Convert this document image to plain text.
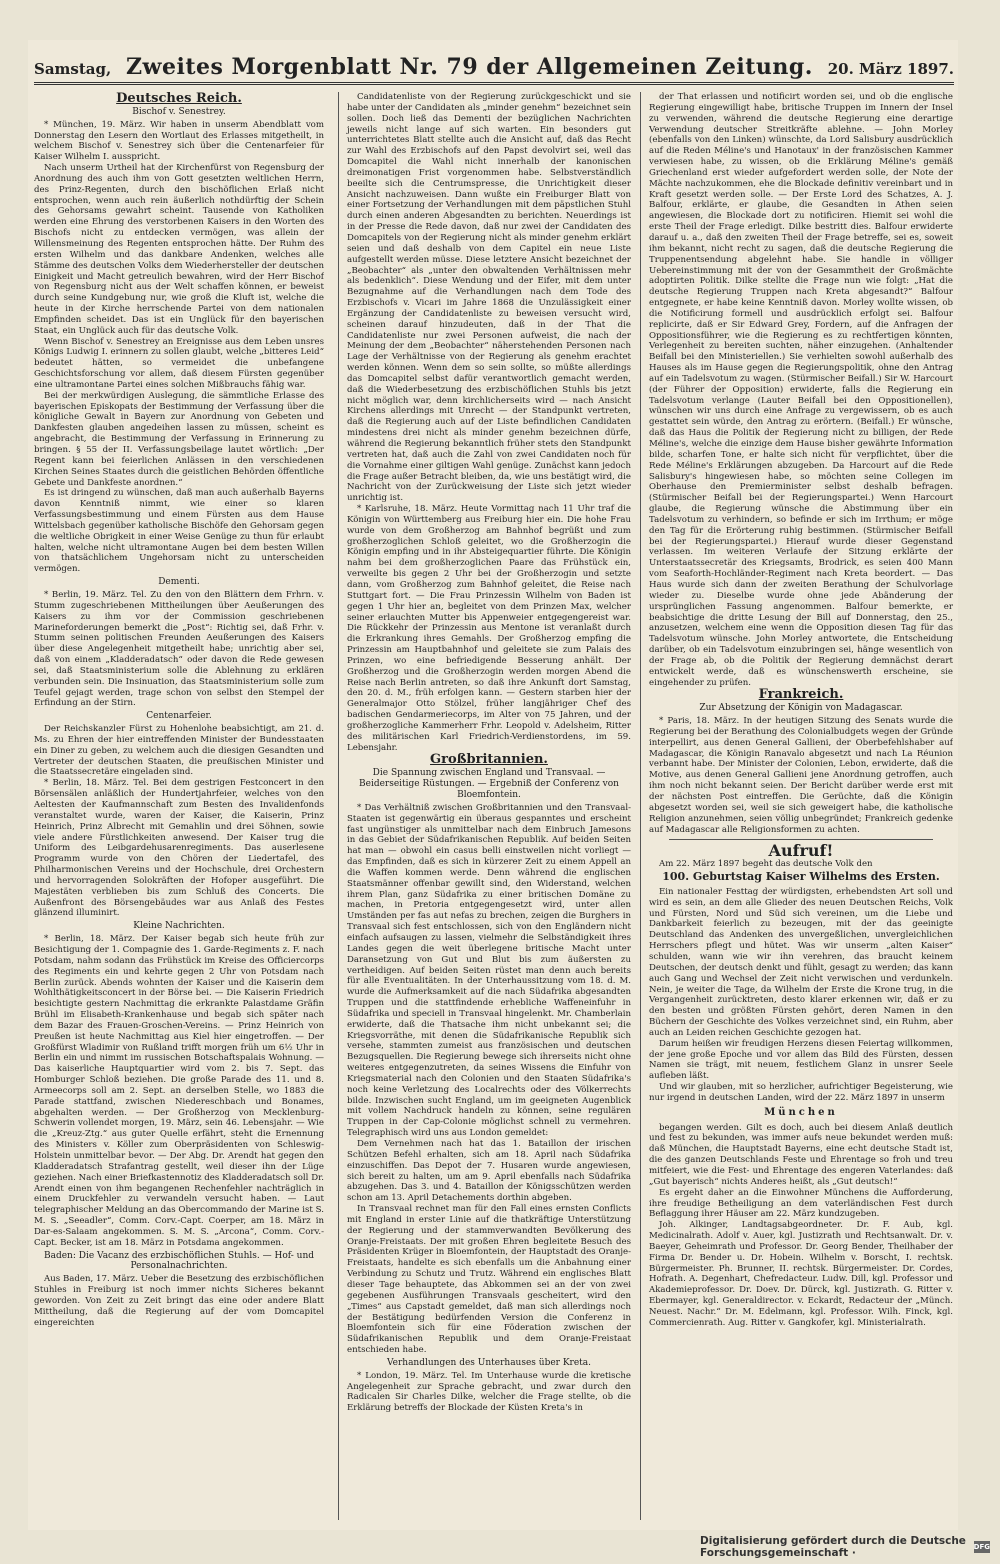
Samstag, Zweites Morgenblatt Nr. 79 der Allgemeinen Zeitung. 20. März 1897.
Deutsches Reich.
Bischof v. Senestrey.

* München, 19. März. Wir haben in unserm Abendblatt vom Donnerstag den Lesern den Wortlaut des Erlasses mitgetheilt, in welchem Bischof v. Senestrey sich über die Centenarfeier für Kaiser Wilhelm I. ausspricht.

Nach unserm Urtheil hat der Kirchenfürst von Regensburg der Anordnung des auch ihm von Gott gesetzten weltlichen Herrn, des Prinz-Regenten, durch den bischöflichen Erlaß nicht entsprochen, wenn auch rein äußerlich nothdürftig der Schein des Gehorsams gewahrt scheint. Tausende von Katholiken werden eine Ehrung des verstorbenen Kaisers in den Worten des Bischofs nicht zu entdecken vermögen, was allein der Willensmeinung des Regenten entsprochen hätte. Der Ruhm des ersten Wilhelm und das dankbare Andenken, welches alle Stämme des deutschen Volks dem Wiederhersteller der deutschen Einigkeit und Macht getreulich bewahren, wird der Herr Bischof von Regensburg nicht aus der Welt schaffen können, er beweist durch seine Kundgebung nur, wie groß die Kluft ist, welche die heute in der Kirche herrschende Partei von dem nationalen Empfinden scheidet. Das ist ein Unglück für den bayerischen Staat, ein Unglück auch für das deutsche Volk.

Wenn Bischof v. Senestrey an Ereignisse aus dem Leben unsres Königs Ludwig I. erinnern zu sollen glaubt, welche „bitteres Leid“ bedeutet hätten, so vermeidet die unbefangene Geschichtsforschung vor allem, daß diesem Fürsten gegenüber eine ultramontane Partei eines solchen Mißbrauchs fähig war.

Bei der merkwürdigen Auslegung, die sämmtliche Erlasse des bayerischen Episkopats der Bestimmung der Verfassung über die königliche Gewalt in Bayern zur Anordnung von Gebeten und Dankfesten glauben angedeihen lassen zu müssen, scheint es angebracht, die Bestimmung der Verfassung in Erinnerung zu bringen. § 55 der II. Verfassungsbeilage lautet wörtlich: „Der Regent kann bei feierlichen Anlässen in den verschiedenen Kirchen Seines Staates durch die geistlichen Behörden öffentliche Gebete und Dankfeste anordnen.“

Es ist dringend zu wünschen, daß man auch außerhalb Bayerns davon Kenntniß nimmt, wie einer so klaren Verfassungsbestimmung und einem Fürsten aus dem Hause Wittelsbach gegenüber katholische Bischöfe den Gehorsam gegen die weltliche Obrigkeit in einer Weise Genüge zu thun für erlaubt halten, welche nicht ultramontane Augen bei dem besten Willen von thatsächlichem Ungehorsam nicht zu unterscheiden vermögen.

Dementi.

* Berlin, 19. März. Tel. Zu den von den Blättern dem Frhrn. v. Stumm zugeschriebenen Mittheilungen über Aeußerungen des Kaisers zu ihm vor der Commission geschriebenen Marineforderungen bemerkt die „Post“: Richtig sei, daß Frhr. v. Stumm seinen politischen Freunden Aeußerungen des Kaisers über diese Angelegenheit mitgetheilt habe; unrichtig aber sei, daß von einem „Kladderadatsch“ oder davon die Rede gewesen sei, daß Staatsministerium solle die Ablehnung zu erklären verbunden sein. Die Insinuation, das Staatsministerium solle zum Teufel gejagt werden, trage schon von selbst den Stempel der Erfindung an der Stirn.

Centenarfeier.

Der Reichskanzler Fürst zu Hohenlohe beabsichtigt, am 21. d. Ms. zu Ehren der hier eintreffenden Minister der Bundesstaaten ein Diner zu geben, zu welchem auch die diesigen Gesandten und Vertreter der deutschen Staaten, die preußischen Minister und die Staatssecretäre eingeladen sind.

* Berlin, 18. März. Tel. Bei dem gestrigen Festconcert in den Börsensälen anläßlich der Hundertjahrfeier, welches von den Aeltesten der Kaufmannschaft zum Besten des Invalidenfonds veranstaltet wurde, waren der Kaiser, die Kaiserin, Prinz Heinrich, Prinz Albrecht mit Gemahlin und drei Söhnen, sowie viele andere Fürstlichkeiten anwesend. Der Kaiser trug die Uniform des Leibgardehusarenregiments. Das auserlesene Programm wurde von den Chören der Liedertafel, des Philharmonischen Vereins und der Hochschule, drei Orchestern und hervorragenden Solokräften der Hofoper ausgeführt. Die Majestäten verblieben bis zum Schluß des Concerts. Die Außenfront des Börsengebäudes war aus Anlaß des Festes glänzend illuminirt.

Kleine Nachrichten.

* Berlin, 18. März. Der Kaiser begab sich heute früh zur Besichtigung der 1. Compagnie des 1. Garde-Regiments z. F. nach Potsdam, nahm sodann das Frühstück im Kreise des Officiercorps des Regiments ein und kehrte gegen 2 Uhr von Potsdam nach Berlin zurück. Abends wohnten der Kaiser und die Kaiserin dem Wohlthätigkeitsconcert in der Börse bei. — Die Kaiserin Friedrich besichtigte gestern Nachmittag die erkrankte Palastdame Gräfin Brühl im Elisabeth-Krankenhause und begab sich später nach dem Bazar des Frauen-Groschen-Vereins. — Prinz Heinrich von Preußen ist heute Nachmittag aus Kiel hier eingetroffen. — Der Großfürst Wladimir von Rußland trifft morgen früh um 6½ Uhr in Berlin ein und nimmt im russischen Botschaftspalais Wohnung. — Das kaiserliche Hauptquartier wird vom 2. bis 7. Sept. das Homburger Schloß beziehen. Die große Parade des 11. und 8. Armeecorps soll am 2. Sept. an derselben Stelle, wo 1883 die Parade stattfand, zwischen Niedereschbach und Bonames, abgehalten werden. — Der Großherzog von Mecklenburg-Schwerin vollendet morgen, 19. März, sein 46. Lebensjahr. — Wie die „Kreuz-Ztg.“ aus guter Quelle erfährt, steht die Ernennung des Ministers v. Köller zum Oberpräsidenten von Schleswig-Holstein unmittelbar bevor. — Der Abg. Dr. Arendt hat gegen den Kladderadatsch Strafantrag gestellt, weil dieser ihn der Lüge geziehen. Nach einer Briefkastennotiz des Kladderadatsch soll Dr. Arendt einen von ihm begangenen Rechenfehler nachträglich in einem Druckfehler zu verwandeln versucht haben. — Laut telegraphischer Meldung an das Obercommando der Marine ist S. M. S. „Seeadler“, Comm. Corv.-Capt. Coerper, am 18. März in Dar-es-Salaam angekommen. S. M. S. „Arcona“, Comm. Corv.-Capt. Becker, ist am 18. März in Potsdama angekommen.

Baden: Die Vacanz des erzbischöflichen Stuhls. — Hof- und Personalnachrichten.

Aus Baden, 17. März. Ueber die Besetzung des erzbischöflichen Stuhles in Freiburg ist noch immer nichts Sicheres bekannt geworden. Von Zeit zu Zeit bringt das eine oder andere Blatt Mittheilung, daß die Regierung auf der vom Domcapitel eingereichten

Candidatenliste von der Regierung zurückgeschickt und sie habe unter der Candidaten als „minder genehm“ bezeichnet sein sollen. Doch ließ das Dementi der bezüglichen Nachrichten jeweils nicht lange auf sich warten. Ein besonders gut unterrichtetes Blatt stellte auch die Ansicht auf, daß das Recht zur Wahl des Erzbischofs auf den Papst devolvirt sei, weil das Domcapitel die Wahl nicht innerhalb der kanonischen dreimonatigen Frist vorgenommen habe. Selbstverständlich beeilte sich die Centrumspresse, die Unrichtigkeit dieser Ansicht nachzuweisen. Dann wußte ein Freiburger Blatt von einer Fortsetzung der Verhandlungen mit dem päpstlichen Stuhl durch einen anderen Abgesandten zu berichten. Neuerdings ist in der Presse die Rede davon, daß nur zwei der Candidaten des Domcapitels von der Regierung nicht als minder genehm erklärt seien und daß deshalb von dem Capitel ein neue Liste aufgestellt werden müsse. Diese letztere Ansicht bezeichnet der „Beobachter“ als „unter den obwaltenden Verhältnissen mehr als bedenklich“. Diese Wendung und der Eifer, mit dem unter Bezugnahme auf die Verhandlungen nach dem Tode des Erzbischofs v. Vicari im Jahre 1868 die Unzulässigkeit einer Ergänzung der Candidatenliste zu beweisen versucht wird, scheinen darauf hinzudeuten, daß in der That die Candidatenliste nur zwei Personen aufweist, die nach der Meinung der dem „Beobachter“ näherstehenden Personen nach Lage der Verhältnisse von der Regierung als genehm erachtet werden können. Wenn dem so sein sollte, so müßte allerdings das Domcapitel selbst dafür verantwortlich gemacht werden, daß die Wiederbesetzung des erzbischöflichen Stuhls bis jetzt nicht möglich war, denn kirchlicherseits wird — nach Ansicht Kirchens allerdings mit Unrecht — der Standpunkt vertreten, daß die Regierung auch auf der Liste befindlichen Candidaten mindestens drei nicht als minder genehm bezeichnen dürfe, während die Regierung bekanntlich früher stets den Standpunkt vertreten hat, daß auch die Zahl von zwei Candidaten noch für die Vornahme einer giltigen Wahl genüge. Zunächst kann jedoch die Frage außer Betracht bleiben, da, wie uns bestätigt wird, die Nachricht von der Zurückweisung der Liste sich jetzt wieder unrichtig ist.

* Karlsruhe, 18. März. Heute Vormittag nach 11 Uhr traf die Königin von Württemberg aus Freiburg hier ein. Die hohe Frau wurde von dem Großherzog am Bahnhof begrüßt und zum großherzoglichen Schloß geleitet, wo die Großherzogin die Königin empfing und in ihr Absteigequartier führte. Die Königin nahm bei dem großherzoglichen Paare das Frühstück ein, verweilte bis gegen 2 Uhr bei der Großherzogin und setzte dann, vom Großherzog zum Bahnhof geleitet, die Reise nach Stuttgart fort. — Die Frau Prinzessin Wilhelm von Baden ist gegen 1 Uhr hier an, begleitet von dem Prinzen Max, welcher seiner erlauchten Mutter bis Appenweier entgegengereist war. Die Rückkehr der Prinzessin aus Mentone ist veranlaßt durch die Erkrankung ihres Gemahls. Der Großherzog empfing die Prinzessin am Hauptbahnhof und geleitete sie zum Palais des Prinzen, wo eine befriedigende Besserung anhält. Der Großherzog und die Großherzogin werden morgen Abend die Reise nach Berlin antreten, so daß ihre Ankunft dort Samstag, den 20. d. M., früh erfolgen kann. — Gestern starben hier der Generalmajor Otto Stölzel, früher langjähriger Chef des badischen Gendarmeriecorps, im Alter von 75 Jahren, und der großherzogliche Kammerherr Frhr. Leopold v. Adelsheim, Ritter des militärischen Karl Friedrich-Verdienstordens, im 59. Lebensjahr.

Großbritannien.
Die Spannung zwischen England und Transvaal. — Beiderseitige Rüstungen. — Ergebniß der Conferenz von Bloemfontein.

* Das Verhältniß zwischen Großbritannien und den Transvaal-Staaten ist gegenwärtig ein überaus gespanntes und erscheint fast ungünstiger als unmittelbar nach dem Einbruch Jamesons in das Gebiet der Südafrikanischen Republik. Auf beiden Seiten hat man — obwohl ein casus belli einstweilen nicht vorliegt — das Empfinden, daß es sich in kürzerer Zeit zu einem Appell an die Waffen kommen werde. Denn während die englischen Staatsmänner offenbar gewillt sind, den Widerstand, welchen ihrem Plan, ganz Südafrika zu einer britischen Domäne zu machen, in Pretoria entgegengesetzt wird, unter allen Umständen per fas aut nefas zu brechen, zeigen die Burghers in Transvaal sich fest entschlossen, sich von den Engländern nicht einfach aufsaugen zu lassen, vielmehr die Selbständigkeit ihres Landes gegen die weit überlegene britische Macht unter Daransetzung von Gut und Blut bis zum äußersten zu vertheidigen. Auf beiden Seiten rüstet man denn auch bereits für alle Eventualitäten. In der Unterhaussitzung vom 18. d. M. wurde die Aufmerksamkeit auf die nach Südafrika abgesandten Truppen und die stattfindende erhebliche Waffeneinfuhr in Südafrika und speciell in Transvaal hingelenkt. Mr. Chamberlain erwiderte, daß die Thatsache ihm nicht unbekannt sei; die Kriegsvorräthe, mit denen die Südafrikanische Republik sich versehe, stammten zumeist aus französischen und deutschen Bezugsquellen. Die Regierung bewege sich ihrerseits nicht ohne weiteres entgegenzutreten, da seines Wissens die Einfuhr von Kriegsmaterial nach den Colonien und den Staaten Südafrika's noch keine Verletzung des Localrechts oder des Völkerrechts bilde. Inzwischen sucht England, um im geeigneten Augenblick mit vollem Nachdruck handeln zu können, seine regulären Truppen in der Cap-Colonie möglichst schnell zu vermehren. Telegraphisch wird uns aus London gemeldet:

Dem Vernehmen nach hat das 1. Bataillon der irischen Schützen Befehl erhalten, sich am 18. April nach Südafrika einzuschiffen. Das Depot der 7. Husaren wurde angewiesen, sich bereit zu halten, um am 9. April ebenfalls nach Südafrika abzugehen. Das 3. und 4. Bataillon der Königsschützen werden schon am 13. April Detachements dorthin abgeben.

In Transvaal rechnet man für den Fall eines ernsten Conflicts mit England in erster Linie auf die thatkräftige Unterstützung der Regierung und der stammverwandten Bevölkerung des Oranje-Freistaats. Der mit großen Ehren begleitete Besuch des Präsidenten Krüger in Bloemfontein, der Hauptstadt des Oranje-Freistaats, handelte es sich ebenfalls um die Anbahnung einer Verbindung zu Schutz und Trutz. Während ein englisches Blatt dieser Tage behauptete, das Abkommen sei an der von zwei gegebenen Ausführungen Transvaals gescheitert, wird den „Times“ aus Capstadt gemeldet, daß man sich allerdings noch der Bestätigung bedürfenden Version die Conferenz in Bloemfontein sich für eine Föderation zwischen der Südafrikanischen Republik und dem Oranje-Freistaat entschieden habe.

Verhandlungen des Unterhauses über Kreta.

* London, 19. März. Tel. Im Unterhause wurde die kretische Angelegenheit zur Sprache gebracht, und zwar durch den Radicalen Sir Charles Dilke, welcher die Frage stellte, ob die Erklärung betreffs der Blockade der Küsten Kreta's in

der That erlassen und notificirt worden sei, und ob die englische Regierung eingewilligt habe, britische Truppen im Innern der Insel zu verwenden, während die deutsche Regierung eine derartige Verwendung deutscher Streitkräfte ablehne. — John Morley (ebenfalls von den Linken) wünschte, da Lord Salisbury ausdrücklich auf die Reden Méline's und Hanotaux' in der französischen Kammer verwiesen habe, zu wissen, ob die Erklärung Méline's gemäß Griechenland erst wieder aufgefordert werden solle, der Note der Mächte nachzukommen, ehe die Blockade definitiv vereinbart und in Kraft gesetzt werden solle. — Der Erste Lord des Schatzes, A. J. Balfour, erklärte, er glaube, die Gesandten in Athen seien angewiesen, die Blockade dort zu notificiren. Hiemit sei wohl die erste Theil der Frage erledigt. Dilke bestritt dies. Balfour erwiderte darauf u. a., daß den zweiten Theil der Frage betreffe, sei es, soweit ihm bekannt, nicht recht zu sagen, daß die deutsche Regierung die Truppenentsendung abgelehnt habe. Sie handle in völliger Uebereinstimmung mit der von der Gesammtheit der Großmächte adoptirten Politik. Dilke stellte die Frage nun wie folgt: „Hat die deutsche Regierung Truppen nach Kreta abgesandt?“ Balfour entgegnete, er habe keine Kenntniß davon. Morley wollte wissen, ob die Notificirung formell und ausdrücklich erfolgt sei. Balfour replicirte, daß er Sir Edward Grey, Fordern, auf die Anfragen der Oppositionsführer, wie die Regierung es zu rechtfertigen könnten, Verlegenheit zu bereiten suchten, näher einzugehen. (Anhaltender Beifall bei den Ministeriellen.) Sie verhielten sowohl außerhalb des Hauses als im Hause gegen die Regierungspolitik, ohne den Antrag auf ein Tadelsvotum zu wagen. (Stürmischer Beifall.) Sir W. Harcourt (der Führer der Opposition) erwiderte, falls die Regierung ein Tadelsvotum verlange (Lauter Beifall bei den Oppositionellen), wünschen wir uns durch eine Anfrage zu vergewissern, ob es auch gestattet sein würde, den Antrag zu erörtern. (Beifall.) Er wünsche, daß das Haus die Politik der Regierung nicht zu billigen, der Rede Méline's, welche die einzige dem Hause bisher gewährte Information bilde, scharfen Tone, er halte sich nicht für verpflichtet, über die Rede Méline's Erklärungen abzugeben. Da Harcourt auf die Rede Salisbury's hingewiesen habe, so möchten seine Collegen im Oberhause den Premierminister selbst deshalb befragen. (Stürmischer Beifall bei der Regierungspartei.) Wenn Harcourt glaube, die Regierung wünsche die Abstimmung über ein Tadelsvotum zu verhindern, so befinde er sich im Irrthum; er möge den Tag für die Erörterung ruhig bestimmen. (Stürmischer Beifall bei der Regierungspartei.) Hierauf wurde dieser Gegenstand verlassen. Im weiteren Verlaufe der Sitzung erklärte der Unterstaatssecretär des Kriegsamts, Brodrick, es seien 400 Mann vom Seaforth-Hochländer-Regiment nach Kreta beordert. — Das Haus wurde sich dann der zweiten Berathung der Schulvorlage wieder zu. Dieselbe wurde ohne jede Abänderung der ursprünglichen Fassung angenommen. Balfour bemerkte, er beabsichtige die dritte Lesung der Bill auf Donnerstag, den 25., anzusetzen, welchem eine wenn die Opposition diesen Tag für das Tadelsvotum wünsche. John Morley antwortete, die Entscheidung darüber, ob ein Tadelsvotum einzubringen sei, hänge wesentlich von der Frage ab, ob die Politik der Regierung demnächst derart entwickelt werde, daß es wünschenswerth erscheine, sie eingehender zu prüfen.

Frankreich.
Zur Absetzung der Königin von Madagascar.

* Paris, 18. März. In der heutigen Sitzung des Senats wurde die Regierung bei der Berathung des Colonialbudgets wegen der Gründe interpellirt, aus denen General Gallieni, der Oberbefehlshaber auf Madagascar, die Königin Ranavalo abgesetzt und nach La Réunion verbannt habe. Der Minister der Colonien, Lebon, erwiderte, daß die Motive, aus denen General Gallieni jene Anordnung getroffen, auch ihm noch nicht bekannt seien. Der Bericht darüber werde erst mit der nächsten Post eintreffen. Die Gerüchte, daß die Königin abgesetzt worden sei, weil sie sich geweigert habe, die katholische Religion anzunehmen, seien völlig unbegründet; Frankreich gedenke auf Madagascar alle Religionsformen zu achten.

Aufruf!

Am 22. März 1897 begeht das deutsche Volk den

100. Geburtstag Kaiser Wilhelms des Ersten.

Ein nationaler Festtag der würdigsten, erhebendsten Art soll und wird es sein, an dem alle Glieder des neuen Deutschen Reichs, Volk und Fürsten, Nord und Süd sich vereinen, um die Liebe und Dankbarkeit feierlich zu bezeugen, mit der das geeinigte Deutschland das Andenken des unvergeßlichen, unvergleichlichen Herrschers pflegt und hütet. Was wir unserm „alten Kaiser“ schulden, wann wie wir ihn verehren, das braucht keinem Deutschen, der deutsch denkt und fühlt, gesagt zu werden; das kann auch Gang und Wechsel der Zeit nicht verwischen und verdunkeln. Nein, je weiter die Tage, da Wilhelm der Erste die Krone trug, in die Vergangenheit zurücktreten, desto klarer erkennen wir, daß er zu den besten und größten Fürsten gehört, deren Namen in den Büchern der Geschichte des Volkes verzeichnet sind, ein Ruhm, aber auch an Leiden reichen Geschichte gezogen hat.

Darum heißen wir freudigen Herzens diesen Feiertag willkommen, der jene große Epoche und vor allem das Bild des Fürsten, dessen Namen sie trägt, mit neuem, festlichem Glanz in unsrer Seele aufleben läßt.

Und wir glauben, mit so herzlicher, aufrichtiger Begeisterung, wie nur irgend in deutschen Landen, wird der 22. März 1897 in unserm

München

begangen werden. Gilt es doch, auch bei diesem Anlaß deutlich und fest zu bekunden, was immer aufs neue bekundet werden muß: daß München, die Hauptstadt Bayerns, eine echt deutsche Stadt ist, die des ganzen Deutschlands Feste und Ehrentage so froh und treu mitfeiert, wie die Fest- und Ehrentage des engeren Vaterlandes: daß „Gut bayerisch“ nichts Anderes heißt, als „Gut deutsch!“

Es ergeht daher an die Einwohner Münchens die Aufforderung, ihre freudige Betheiligung an dem vaterländischen Fest durch Beflaggung ihrer Häuser am 22. März kundzugeben.

Joh. Alkinger, Landtagsabgeordneter. Dr. F. Aub, kgl. Medicinalrath. Adolf v. Auer, kgl. Justizrath und Rechtsanwalt. Dr. v. Baeyer, Geheimrath und Professor. Dr. Georg Bender, Theilhaber der Firma Dr. Bender u. Dr. Hobein. Wilhelm v. Borscht, I. rechtsk. Bürgermeister. Ph. Brunner, II. rechtsk. Bürgermeister. Dr. Cordes, Hofrath. A. Degenhart, Chefredacteur. Ludw. Dill, kgl. Professor und Akademieprofessor. Dr. Doev. Dr. Dürck, kgl. Justizrath. G. Ritter v. Ebermayer, kgl. Generaldirector. v. Eckardt, Redacteur der „Münch. Neuest. Nachr.“ Dr. M. Edelmann, kgl. Professor. Wilh. Finck, kgl. Commercienrath. Aug. Ritter v. Gangkofer, kgl. Ministerialrath.

Digitalisierung gefördert durch die Deutsche Forschungsgemeinschaft ·	DFG
